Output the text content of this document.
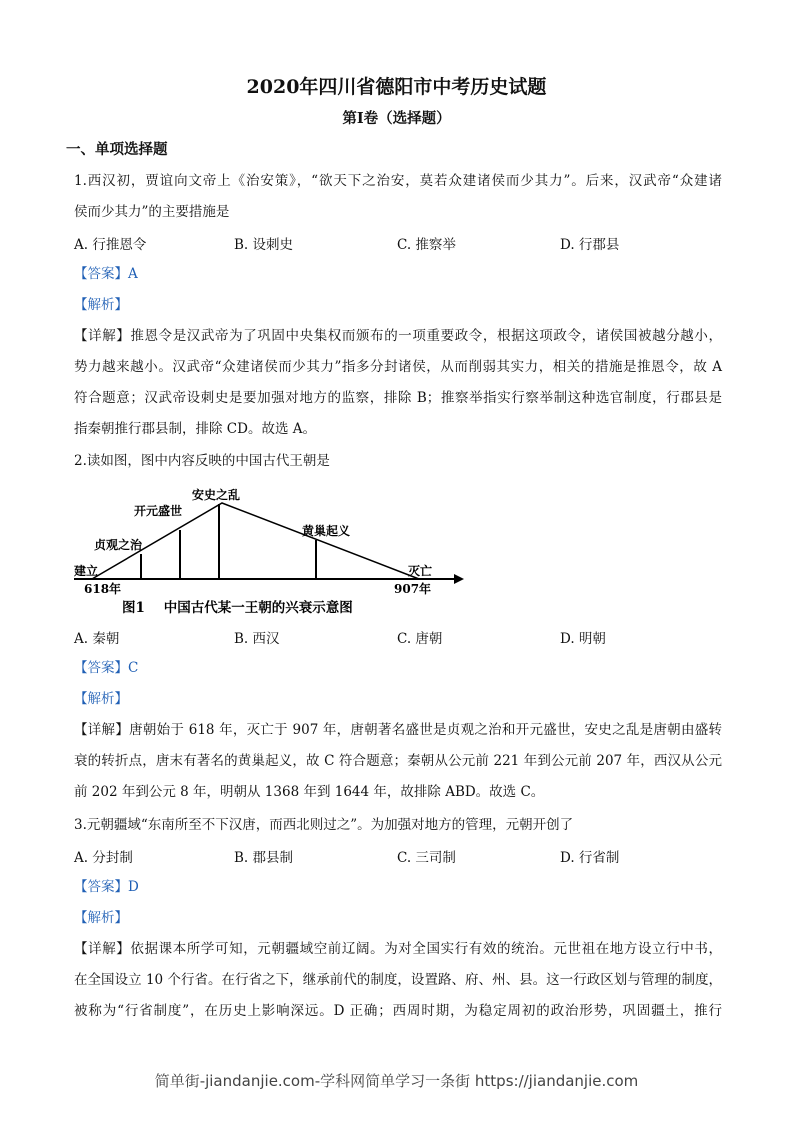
2020年四川省德阳市中考历史试题
第Ⅰ卷（选择题）
一、单项选择题
1.西汉初，贾谊向文帝上《治安策》，“欲天下之治安，莫若众建诸侯而少其力”。后来，汉武帝“众建诸
侯而少其力”的主要措施是
A. 行推恩令	B. 设刺史	C. 推察举	D. 行郡县
【答案】A
【解析】
【详解】推恩令是汉武帝为了巩固中央集权而颁布的一项重要政令，根据这项政令，诸侯国被越分越小，
势力越来越小。汉武帝“众建诸侯而少其力”指多分封诸侯，从而削弱其实力，相关的措施是推恩令，故 A
符合题意；汉武帝设刺史是要加强对地方的监察，排除 B；推察举指实行察举制这种选官制度，行郡县是
指秦朝推行郡县制，排除 CD。故选 A。
2.读如图，图中内容反映的中国古代王朝是
A. 秦朝	B. 西汉	C. 唐朝	D. 明朝
【答案】C
【解析】
【详解】唐朝始于 618 年，灭亡于 907 年，唐朝著名盛世是贞观之治和开元盛世，安史之乱是唐朝由盛转
衰的转折点，唐末有著名的黄巢起义，故 C 符合题意；秦朝从公元前 221 年到公元前 207 年，西汉从公元
前 202 年到公元 8 年，明朝从 1368 年到 1644 年，故排除 ABD。故选 C。
3.元朝疆域“东南所至不下汉唐，而西北则过之”。为加强对地方的管理，元朝开创了
A. 分封制	B. 郡县制	C. 三司制	D. 行省制
【答案】D
【解析】
【详解】依据课本所学可知，元朝疆域空前辽阔。为对全国实行有效的统治。元世祖在地方设立行中书，
在全国设立 10 个行省。在行省之下，继承前代的制度，设置路、府、州、县。这一行政区划与管理的制度，
被称为“行省制度”，在历史上影响深远。D 正确；西周时期，为稳定周初的政治形势，巩固疆土，推行
建立
618年
贞观之治
开元盛世
安史之乱
黄巢起义
灭亡
907年
图1    中国古代某一王朝的兴衰示意图
简单街-jiandanjie.com-学科网简单学习一条街 https://jiandanjie.com
